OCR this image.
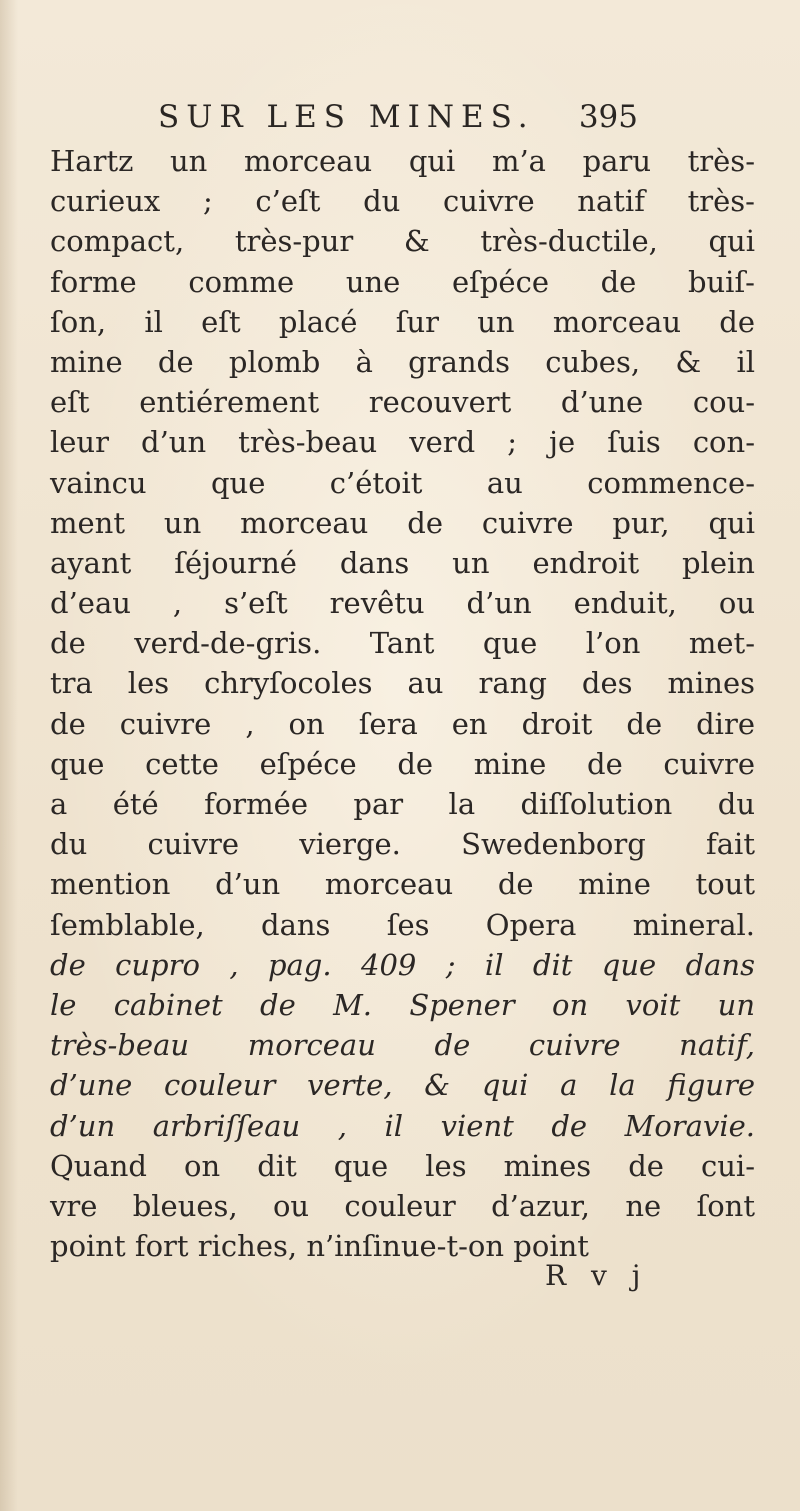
SUR LES MINES. 395
Hartz un morceau qui m’a paru très-
curieux ; c’eſt du cuivre natif très-
compact, très-pur & très-ductile, qui
forme comme une eſpéce de buiſ-
ſon, il eſt placé ſur un morceau de
mine de plomb à grands cubes, & il
eſt entiérement recouvert d’une cou-
leur d’un très-beau verd ; je ſuis con-
vaincu que c’étoit au commence-
ment un morceau de cuivre pur, qui
ayant ſéjourné dans un endroit plein
d’eau , s’eſt revêtu d’un enduit, ou
de verd-de-gris. Tant que l’on met-
tra les chryſocoles au rang des mines
de cuivre , on ſera en droit de dire
que cette eſpéce de mine de cuivre
a été formée par la diſſolution du
du cuivre vierge. Swedenborg fait
mention d’un morceau de mine tout
ſemblable, dans ſes Opera mineral.
de cupro , pag. 409 ; il dit que dans
le cabinet de M. Spener on voit un
très-beau morceau de cuivre natif,
d’une couleur verte, & qui a la figure
d’un arbriſſeau , il vient de Moravie.
Quand on dit que les mines de cui-
vre bleues, ou couleur d’azur, ne ſont
point fort riches, n’inſinue-t-on point
R v j
